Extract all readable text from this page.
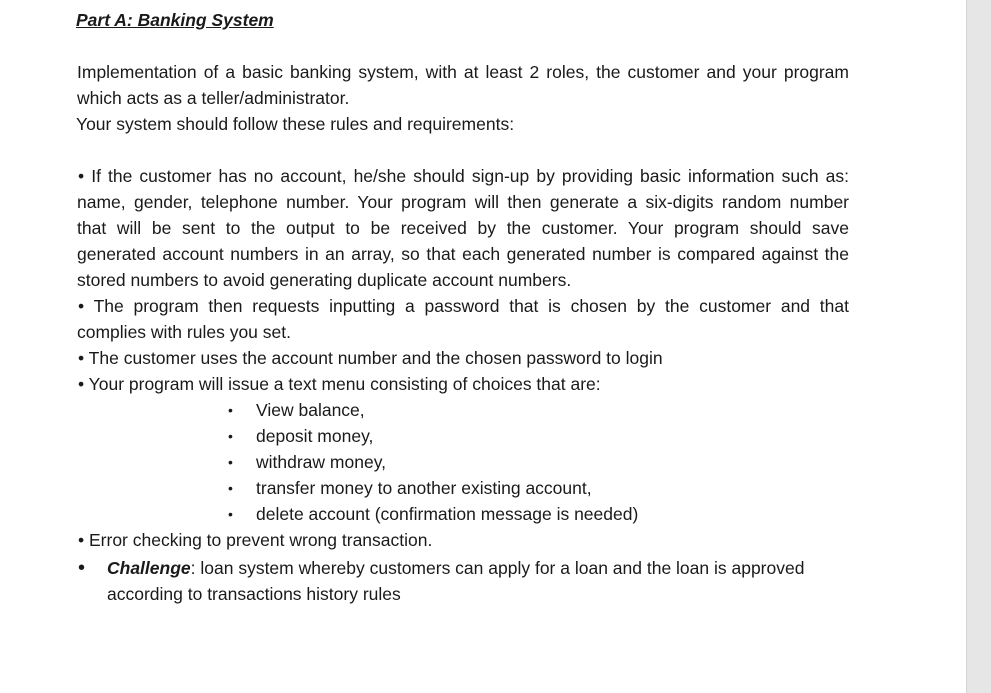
Part A: Banking System
Implementation of a basic banking system, with at least 2 roles, the customer and your program
which acts as a teller/administrator.
Your system should follow these rules and requirements:
• If the customer has no account, he/she should sign-up by providing basic information such as:
name, gender, telephone number. Your program will then generate a six-digits random number
that will be sent to the output to be received by the customer. Your program should save
generated account numbers in an array, so that each generated number is compared against the
stored numbers to avoid generating duplicate account numbers.
• The program then requests inputting a password that is chosen by the customer and that
complies with rules you set.
• The customer uses the account number and the chosen password to login
• Your program will issue a text menu consisting of choices that are:
• View balance,
• deposit money,
• withdraw money,
• transfer money to another existing account,
• delete account (confirmation message is needed)
• Error checking to prevent wrong transaction.
• Challenge: loan system whereby customers can apply for a loan and the loan is approved
according to transactions history rules
